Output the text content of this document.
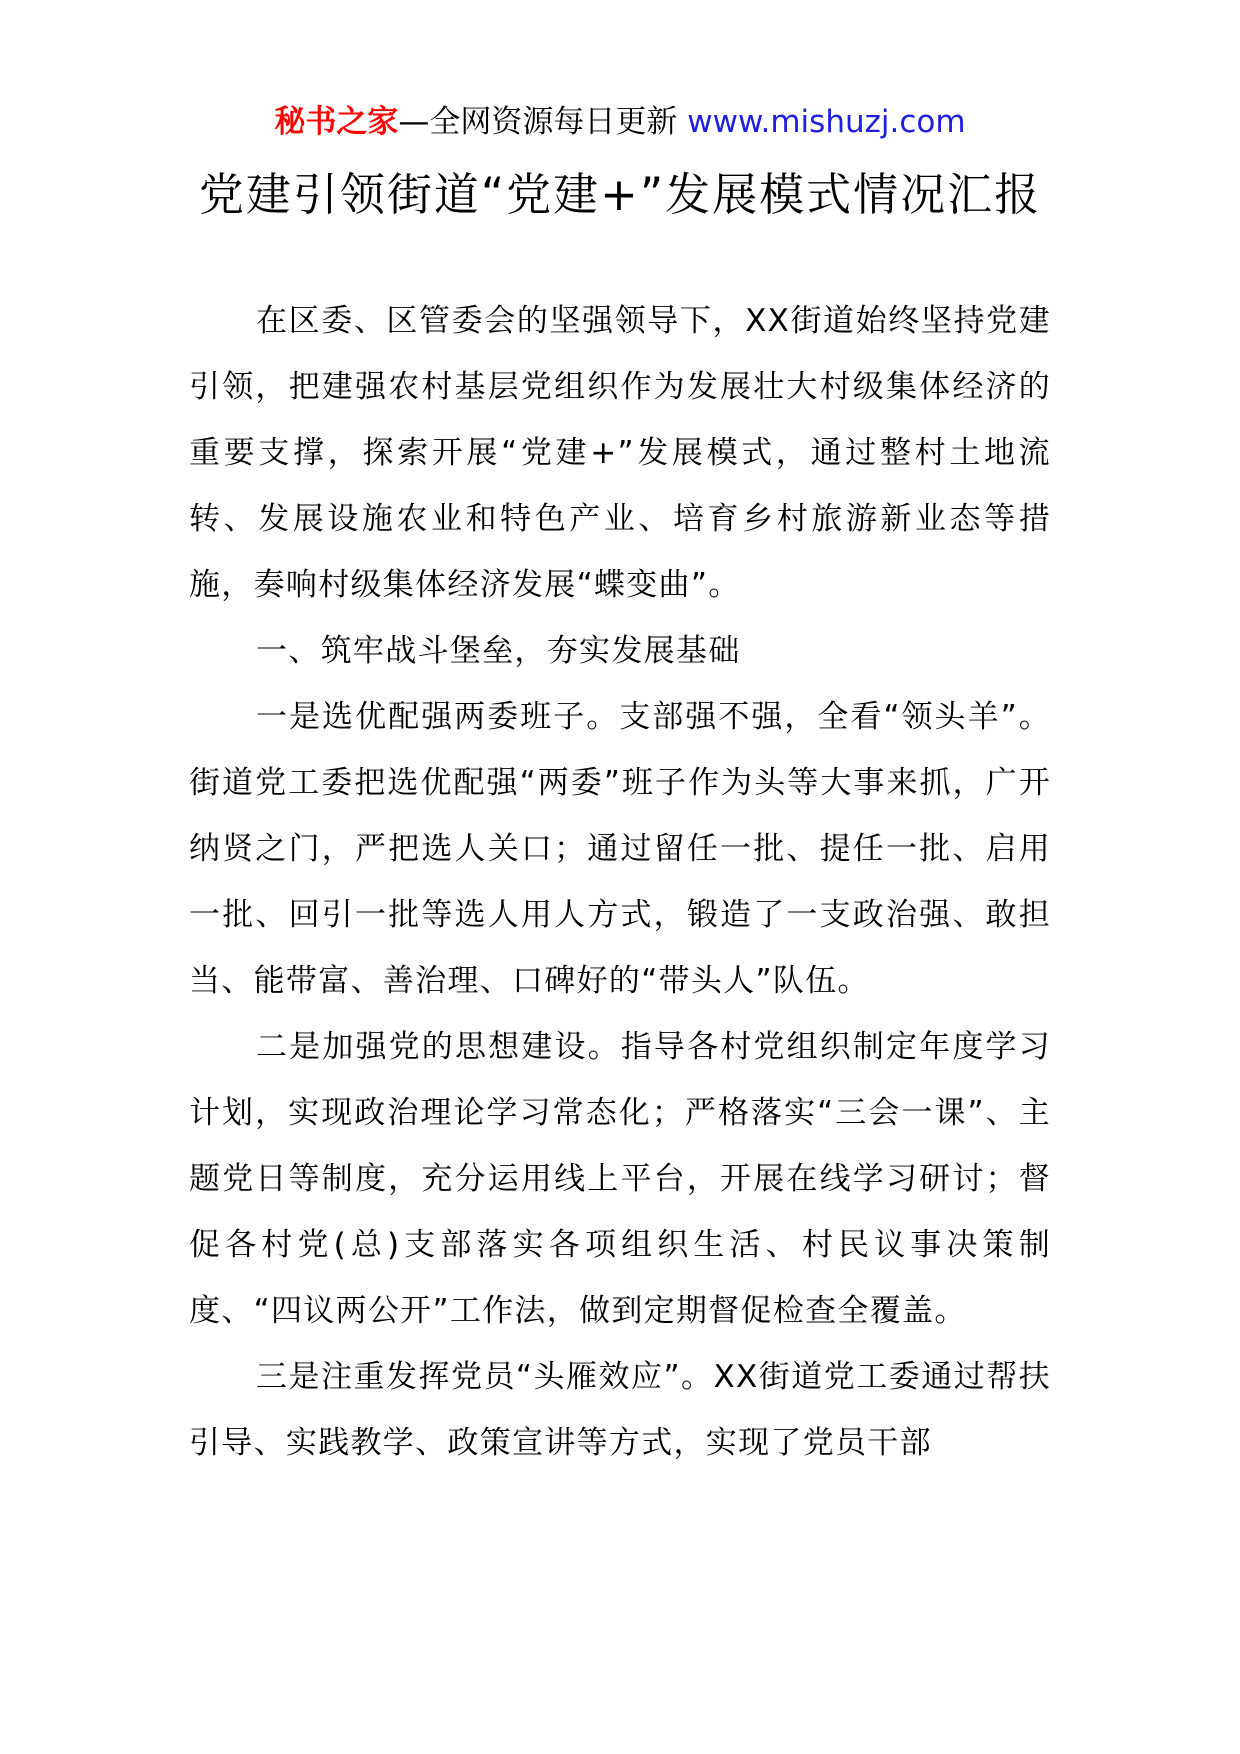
秘书之家—全网资源每日更新 www.mishuzj.com
党建引领街道“党建+”发展模式情况汇报

在区委、区管委会的坚强领导下，XX街道始终坚持党建引领，把建强农村基层党组织作为发展壮大村级集体经济的重要支撑，探索开展“党建+”发展模式，通过整村土地流转、发展设施农业和特色产业、培育乡村旅游新业态等措施，奏响村级集体经济发展“蝶变曲”。

一、筑牢战斗堡垒，夯实发展基础

一是选优配强两委班子。支部强不强，全看“领头羊”。街道党工委把选优配强“两委”班子作为头等大事来抓，广开纳贤之门，严把选人关口；通过留任一批、提任一批、启用一批、回引一批等选人用人方式，锻造了一支政治强、敢担当、能带富、善治理、口碑好的“带头人”队伍。

二是加强党的思想建设。指导各村党组织制定年度学习计划，实现政治理论学习常态化；严格落实“三会一课”、主题党日等制度，充分运用线上平台，开展在线学习研讨；督促各村党(总)支部落实各项组织生活、村民议事决策制度、“四议两公开”工作法，做到定期督促检查全覆盖。

三是注重发挥党员“头雁效应”。XX街道党工委通过帮扶引导、实践教学、政策宣讲等方式，实现了党员干部
